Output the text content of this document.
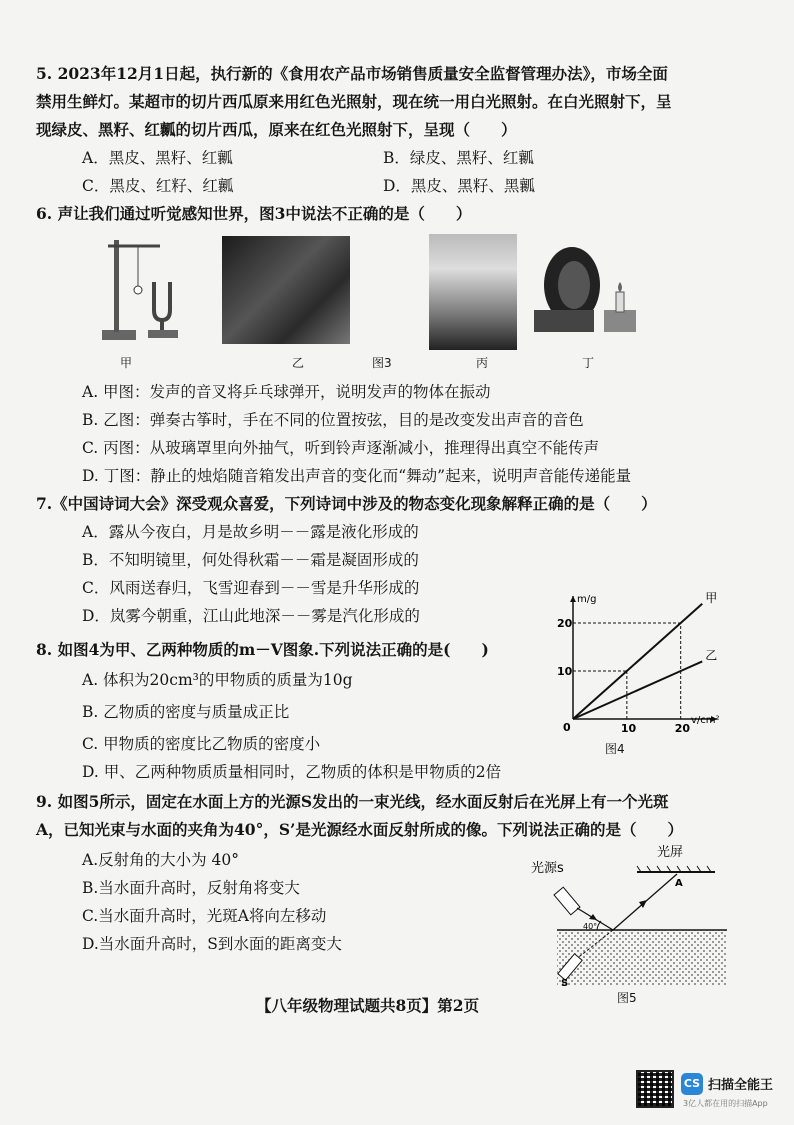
5. 2023年12月1日起，执行新的《食用农产品市场销售质量安全监督管理办法》，市场全面
禁用生鲜灯。某超市的切片西瓜原来用红色光照射，现在统一用白光照射。在白光照射下，呈
现绿皮、黑籽、红瓤的切片西瓜，原来在红色光照射下，呈现（　　）
A．黑皮、黑籽、红瓤	B．绿皮、黑籽、红瓤
C．黑皮、红籽、红瓤	D．黑皮、黑籽、黑瓤
6. 声让我们通过听觉感知世界，图3中说法不正确的是（　　）
甲	乙	图3	丙	丁
A. 甲图：发声的音叉将乒乓球弹开，说明发声的物体在振动
B. 乙图：弹奏古筝时，手在不同的位置按弦，目的是改变发出声音的音色
C. 丙图：从玻璃罩里向外抽气，听到铃声逐渐减小，推理得出真空不能传声
D. 丁图：静止的烛焰随音箱发出声音的变化而“舞动”起来，说明声音能传递能量
7.《中国诗词大会》深受观众喜爱，下列诗词中涉及的物态变化现象解释正确的是（　　）
A．露从今夜白，月是故乡明－－露是液化形成的
B．不知明镜里，何处得秋霜－－霜是凝固形成的
C．风雨送春归，飞雪迎春到－－雪是升华形成的
D．岚雾今朝重，江山此地深－－雾是汽化形成的
8. 如图4为甲、乙两种物质的m－V图象.下列说法正确的是(　　)
A. 体积为20cm³的甲物质的质量为10g
B. 乙物质的密度与质量成正比
C. 甲物质的密度比乙物质的密度小
D. 甲、乙两种物质质量相同时，乙物质的体积是甲物质的2倍
甲
乙
10	20
10
20
0
v/cm²
m/g
图4
9. 如图5所示，固定在水面上方的光源S发出的一束光线，经水面反射后在光屏上有一个光斑
A，已知光束与水面的夹角为40°，S’是光源经水面反射所成的像。下列说法正确的是（　　）
A.反射角的大小为 40°
B.当水面升高时，反射角将变大
C.当水面升高时，光斑A将向左移动
D.当水面升高时，S到水面的距离变大
光屏
光源s
A
40°
S
图5
【八年级物理试题共8页】第2页
CS 扫描全能王
3亿人都在用的扫描App
